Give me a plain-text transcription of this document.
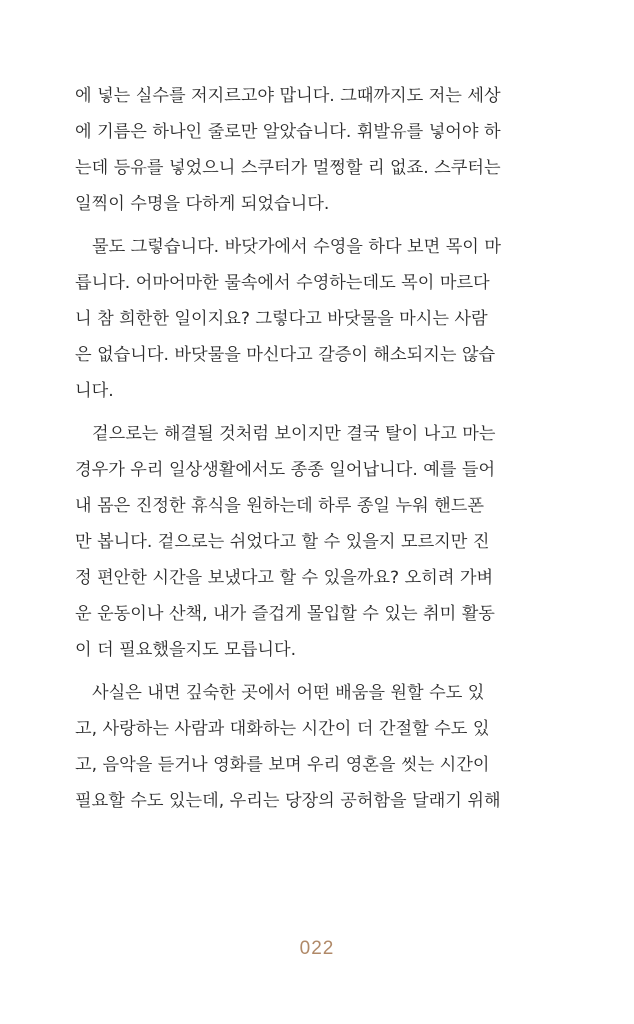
에 넣는 실수를 저지르고야 맙니다. 그때까지도 저는 세상
에 기름은 하나인 줄로만 알았습니다. 휘발유를 넣어야 하
는데 등유를 넣었으니 스쿠터가 멀쩡할 리 없죠. 스쿠터는
일찍이 수명을 다하게 되었습니다.
물도 그렇습니다. 바닷가에서 수영을 하다 보면 목이 마
릅니다. 어마어마한 물속에서 수영하는데도 목이 마르다
니 참 희한한 일이지요? 그렇다고 바닷물을 마시는 사람
은 없습니다. 바닷물을 마신다고 갈증이 해소되지는 않습
니다.
겉으로는 해결될 것처럼 보이지만 결국 탈이 나고 마는
경우가 우리 일상생활에서도 종종 일어납니다. 예를 들어
내 몸은 진정한 휴식을 원하는데 하루 종일 누워 핸드폰
만 봅니다. 겉으로는 쉬었다고 할 수 있을지 모르지만 진
정 편안한 시간을 보냈다고 할 수 있을까요? 오히려 가벼
운 운동이나 산책, 내가 즐겁게 몰입할 수 있는 취미 활동
이 더 필요했을지도 모릅니다.
사실은 내면 깊숙한 곳에서 어떤 배움을 원할 수도 있
고, 사랑하는 사람과 대화하는 시간이 더 간절할 수도 있
고, 음악을 듣거나 영화를 보며 우리 영혼을 씻는 시간이
필요할 수도 있는데, 우리는 당장의 공허함을 달래기 위해
022
